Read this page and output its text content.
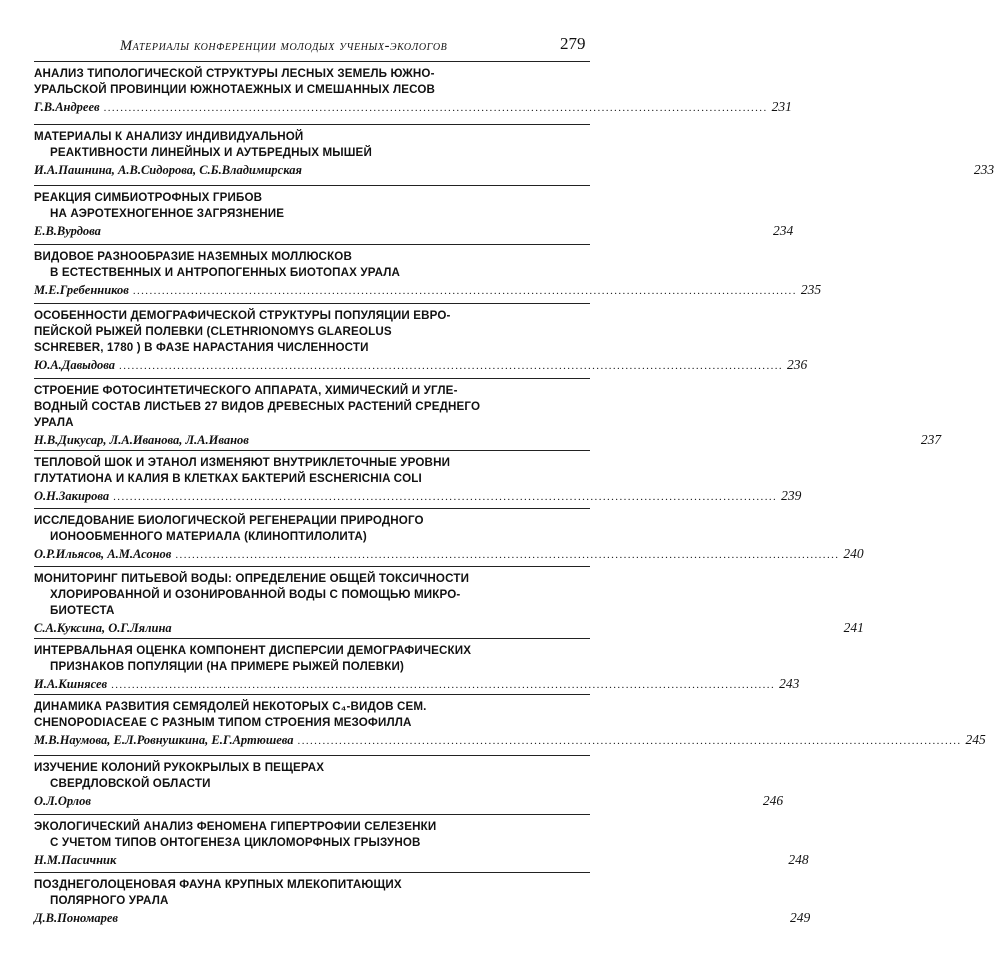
Материалы конференции молодых ученых-экологов	279
АНАЛИЗ ТИПОЛОГИЧЕСКОЙ СТРУКТУРЫ ЛЕСНЫХ ЗЕМЕЛЬ ЮЖНО-
УРАЛЬСКОЙ ПРОВИНЦИИ ЮЖНОТАЕЖНЫХ И СМЕШАННЫХ ЛЕСОВ
Г.В.Андреев ................................................................................................................................................................ 231
МАТЕРИАЛЫ К АНАЛИЗУ ИНДИВИДУАЛЬНОЙ
РЕАКТИВНОСТИ ЛИНЕЙНЫХ И АУТБРЕДНЫХ МЫШЕЙ
И.А.Пашнина, А.В.Сидорова, С.Б.Владимирская	233
РЕАКЦИЯ СИМБИОТРОФНЫХ ГРИБОВ
НА АЭРОТЕХНОГЕННОЕ ЗАГРЯЗНЕНИЕ
Е.В.Вурдова	234
ВИДОВОЕ РАЗНООБРАЗИЕ НАЗЕМНЫХ МОЛЛЮСКОВ
В ЕСТЕСТВЕННЫХ И АНТРОПОГЕННЫХ БИОТОПАХ УРАЛА
М.Е.Гребенников ................................................................................................................................................................ 235
ОСОБЕННОСТИ ДЕМОГРАФИЧЕСКОЙ СТРУКТУРЫ ПОПУЛЯЦИИ ЕВРО-
ПЕЙСКОЙ РЫЖЕЙ ПОЛЕВКИ (CLETHRIONOMYS GLAREOLUS
SCHREBER, 1780 ) В ФАЗЕ НАРАСТАНИЯ ЧИСЛЕННОСТИ
Ю.А.Давыдова ................................................................................................................................................................ 236
СТРОЕНИЕ ФОТОСИНТЕТИЧЕСКОГО АППАРАТА, ХИМИЧЕСКИЙ И УГЛЕ-
ВОДНЫЙ СОСТАВ ЛИСТЬЕВ 27 ВИДОВ ДРЕВЕСНЫХ РАСТЕНИЙ СРЕДНЕГО
УРАЛА
Н.В.Дикусар, Л.А.Иванова, Л.А.Иванов	237
ТЕПЛОВОЙ ШОК И ЭТАНОЛ ИЗМЕНЯЮТ ВНУТРИКЛЕТОЧНЫЕ УРОВНИ
ГЛУТАТИОНА И КАЛИЯ В КЛЕТКАХ БАКТЕРИЙ ESCHERICHIA COLI
О.Н.Закирова ................................................................................................................................................................ 239
ИССЛЕДОВАНИЕ БИОЛОГИЧЕСКОЙ РЕГЕНЕРАЦИИ ПРИРОДНОГО
ИОНООБМЕННОГО МАТЕРИАЛА (КЛИНОПТИЛОЛИТА)
О.Р.Ильясов, А.М.Асонов ................................................................................................................................................................ 240
МОНИТОРИНГ ПИТЬЕВОЙ ВОДЫ: ОПРЕДЕЛЕНИЕ ОБЩЕЙ ТОКСИЧНОСТИ
ХЛОРИРОВАННОЙ И ОЗОНИРОВАННОЙ ВОДЫ С ПОМОЩЬЮ МИКРО-
БИОТЕСТА
С.А.Куксина, О.Г.Лялина	241
ИНТЕРВАЛЬНАЯ ОЦЕНКА КОМПОНЕНТ ДИСПЕРСИИ ДЕМОГРАФИЧЕСКИХ
ПРИЗНАКОВ ПОПУЛЯЦИИ (НА ПРИМЕРЕ РЫЖЕЙ ПОЛЕВКИ)
И.А.Кшнясев ................................................................................................................................................................ 243
ДИНАМИКА РАЗВИТИЯ СЕМЯДОЛЕЙ НЕКОТОРЫХ C₄-ВИДОВ СЕМ.
CHENOPODIACEAE С РАЗНЫМ ТИПОМ СТРОЕНИЯ МЕЗОФИЛЛА
М.В.Наумова, Е.Л.Ровнушкина, Е.Г.Артюшева ................................................................................................................................................................ 245
ИЗУЧЕНИЕ КОЛОНИЙ РУКОКРЫЛЫХ В ПЕЩЕРАХ
СВЕРДЛОВСКОЙ ОБЛАСТИ
О.Л.Орлов	246
ЭКОЛОГИЧЕСКИЙ АНАЛИЗ ФЕНОМЕНА ГИПЕРТРОФИИ СЕЛЕЗЕНКИ
С УЧЕТОМ ТИПОВ ОНТОГЕНЕЗА ЦИКЛОМОРФНЫХ ГРЫЗУНОВ
Н.М.Пасичник	248
ПОЗДНЕГОЛОЦЕНОВАЯ ФАУНА КРУПНЫХ МЛЕКОПИТАЮЩИХ
ПОЛЯРНОГО УРАЛА
Д.В.Пономарев	249
